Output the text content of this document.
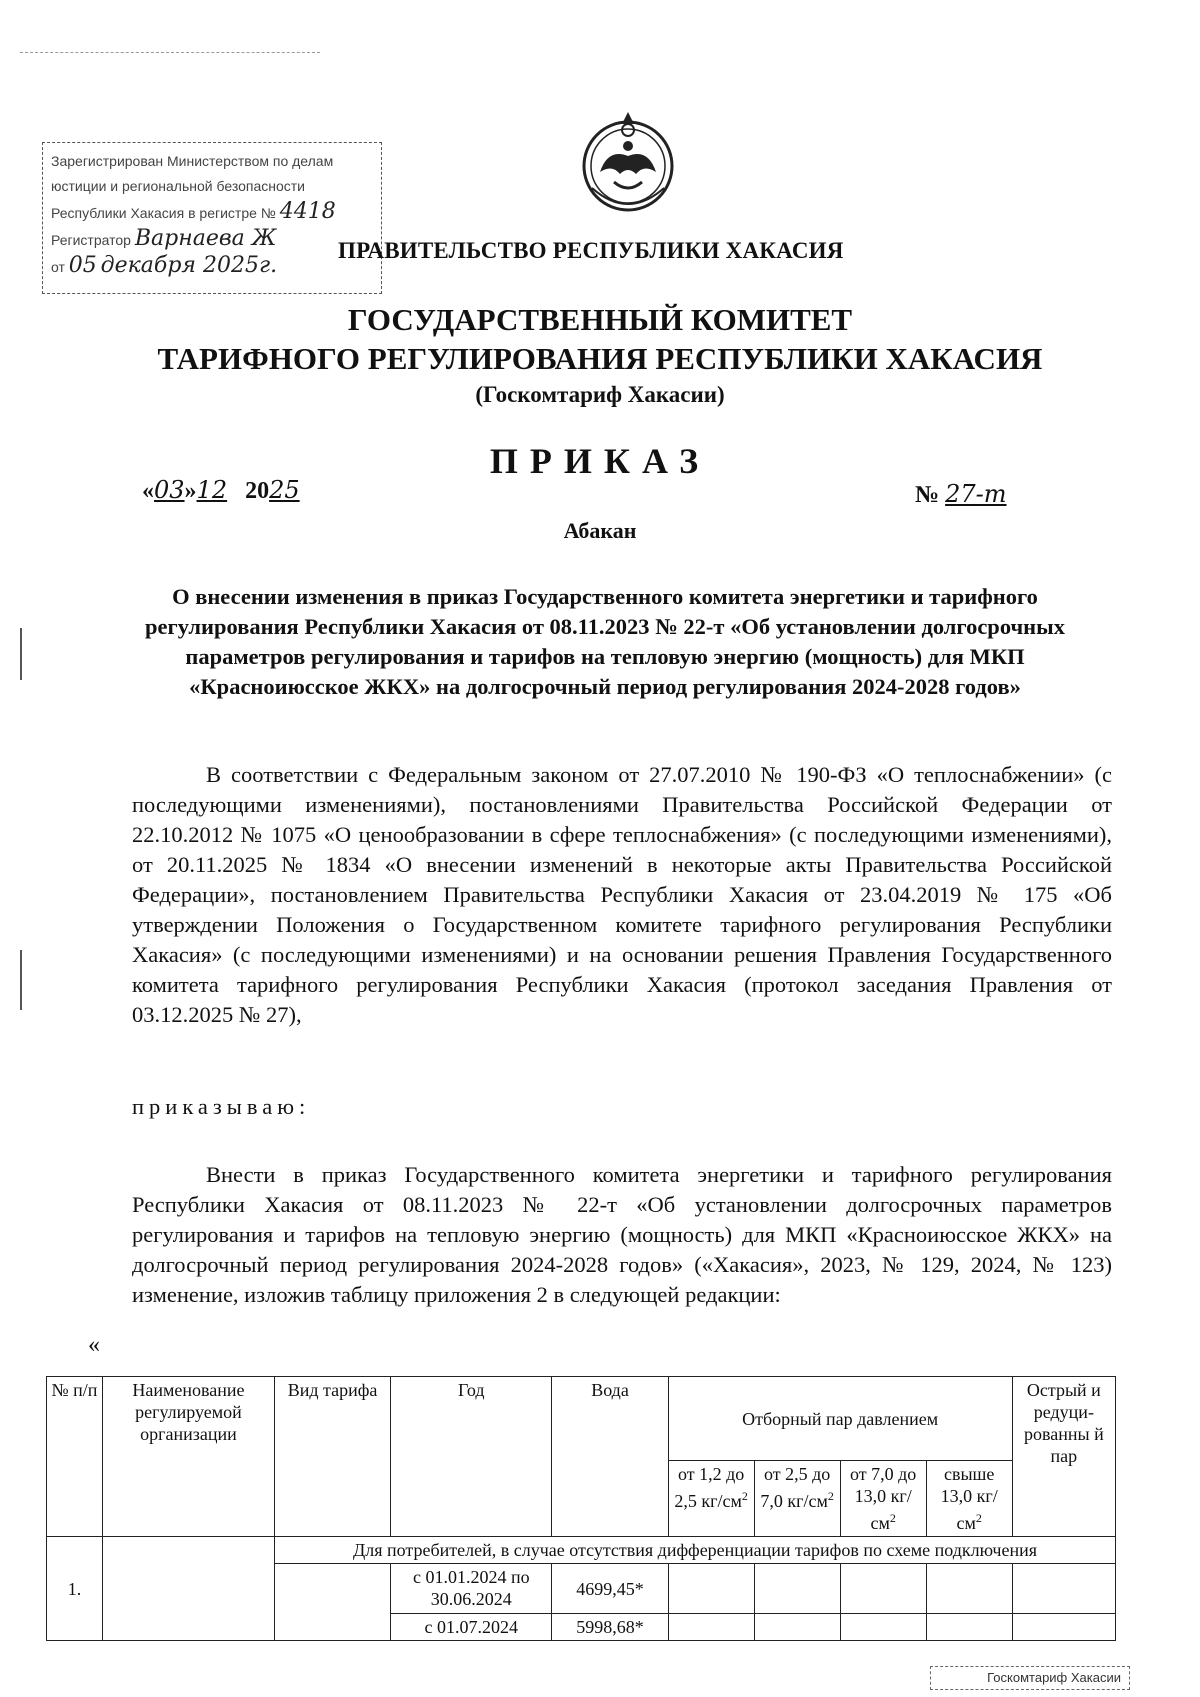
Зарегистрирован Министерством по делам
юстиции и региональной безопасности
Республики Хакасия в регистре № 4418
Регистратор Варнаева Ж
от 05 декабря 2025г.
ПРАВИТЕЛЬСТВО РЕСПУБЛИКИ ХАКАСИЯ
ГОСУДАРСТВЕННЫЙ КОМИТЕТ
ТАРИФНОГО РЕГУЛИРОВАНИЯ РЕСПУБЛИКИ ХАКАСИЯ
(Госкомтариф Хакасии)
ПРИКАЗ
«03»12 2025	№ 27-т
Абакан
О внесении изменения в приказ Государственного комитета энергетики и тарифного регулирования Республики Хакасия от 08.11.2023 № 22-т «Об установлении долгосрочных параметров регулирования и тарифов на тепловую энергию (мощность) для МКП «Красноиюсское ЖКХ» на долгосрочный период регулирования 2024-2028 годов»
В соответствии с Федеральным законом от 27.07.2010 № 190-ФЗ «О теплоснабжении» (с последующими изменениями), постановлениями Правительства Российской Федерации от 22.10.2012 № 1075 «О ценообразовании в сфере теплоснабжения» (с последующими изменениями), от 20.11.2025 № 1834 «О внесении изменений в некоторые акты Правительства Российской Федерации», постановлением Правительства Республики Хакасия от 23.04.2019 № 175 «Об утверждении Положения о Государственном комитете тарифного регулирования Республики Хакасия» (с последующими изменениями) и на основании решения Правления Государственного комитета тарифного регулирования Республики Хакасия (протокол заседания Правления от 03.12.2025 № 27),
приказываю:
Внести в приказ Государственного комитета энергетики и тарифного регулирования Республики Хакасия от 08.11.2023 № 22-т «Об установлении долгосрочных параметров регулирования и тарифов на тепловую энергию (мощность) для МКП «Красноиюсское ЖКХ» на долгосрочный период регулирования 2024-2028 годов» («Хакасия», 2023, № 129, 2024, № 123) изменение, изложив таблицу приложения 2 в следующей редакции:
«
№ п/п	Наименование регулируемой организации	Вид тарифа	Год	Вода	Отборный пар давлением				Острый и редуци-рованны й пар
					от 1,2 до 2,5 $кг/см^2$	от 2,5 до 7,0 $кг/см^2$	от 7,0 до 13,0 $кг/см^2$	свыше 13,0 $кг/см^2$
1.		Для потребителей, в случае отсутствия дифференциации тарифов по схеме подключения							
			с 01.01.2024 по 30.06.2024	4699,45*					
			с 01.07.2024	5998,68*					
Госкомтариф Хакасии
